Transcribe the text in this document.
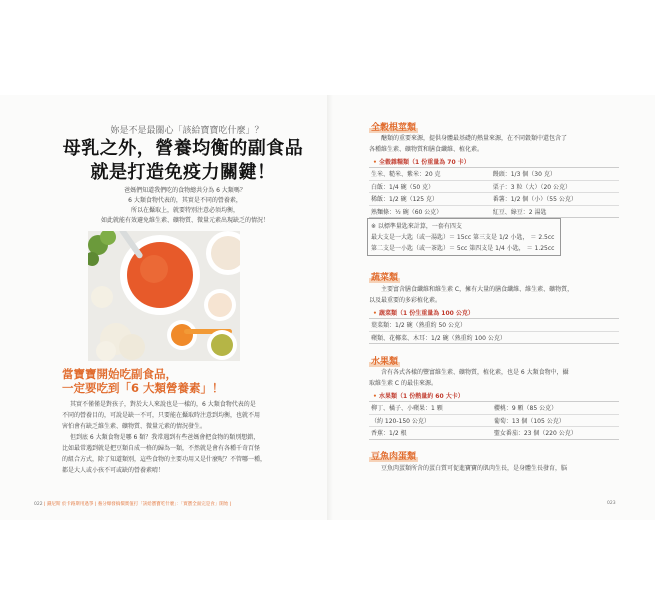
妳是不是最關心「該給寶寶吃什麼」？
母乳之外，營養均衡的副食品
就是打造免疫力關鍵！
爸媽們知道我們吃的食物總共分為 6 大類嗎？
6 大類食物代表的，其實是不同的營養素，
所以在攝取上，就要特別注意必須均衡，
如此就能有效避免維生素、礦物質、微量元素出現缺乏的情況！
當寶寶開始吃副食品，
一定要吃到「6 大類營養素」！
其實不僅僅是對孩子，對於大人來說也是一樣的，6 大類食物代表的是
不同的營養目的，可說是缺一不可，只要能在攝取時注意到均衡，也就不用
害怕會有缺乏維生素、礦物質、微量元素的情況發生。
但到底 6 大類食物是哪 6 類？我常遇到有些爸媽會把食物的類別想錯，
比如最常遇到就是把豆類自成一格的歸為一類，不然就是會有各種千奇百怪
的組合方式，除了知道類別，這些食物的主要功用又是什麼呢？不管哪一種，
都是大人或小孩不可或缺的營養素唷！
022 | 錢尼斯 於卡路斯用過爭 | 養分爆發搞價實值打「該給寶寶吃什麼」：「實寶全面完是食」開始 |
全穀根莖類
醣類的重要來源，提供身體最基礎的熱量來源，在不同穀類中還包含了
各種維生素、礦物質和膳食纖維、植化素。
• 全穀雜糧類（1 份重量為 70 卡）
生米、糙米、紫米：20 克	饅頭：1/3 個（30 克）
白飯：1/4 碗（50 克）	栗子：3 粒（大）（20 公克）
稀飯：1/2 碗（125 克）	番薯：1/2 個（小）（55 公克）
熟麵條：½ 碗（60 公克）	紅豆、綠豆：2 湯匙
※ 以標準量匙來計算，一套有四支
最大支是一大匙（或一湯匙）＝ 15cc 第三支是 1/2 小匙， ＝ 2.5cc
第二支是一小匙（或一茶匙）＝ 5cc 第四支是 1/4 小匙， ＝ 1.25cc
蔬菜類
主要富含膳食纖維和維生素 C，擁有大量的膳食纖維、維生素、礦物質，
以及最重要的多彩植化素。
• 蔬菜類（1 份生重量為 100 公克）
葉菜類：1/2 碗（熟重約 50 公克）
蘋類、花椰菜、木耳：1/2 碗（熟重約 100 公克）
水果類
含有各式各樣的豐富維生素、礦物質，植化素，也是 6 大類食物中，攝
取維生素 C 的最佳來源。
• 水果類（1 份熱量約 60 大卡）
柳丁、橘子、小蘋果：1 顆	櫻桃：9 顆（85 公克）
（約 120-150 公克）	葡萄：13 個（105 公克）
香蕉：1/2 根	聖女番茄：23 個（220 公克）
豆魚肉蛋類
豆魚肉蛋類所含的蛋白質可促進寶寶的肌肉生長，是身體生長發育，脳
023
